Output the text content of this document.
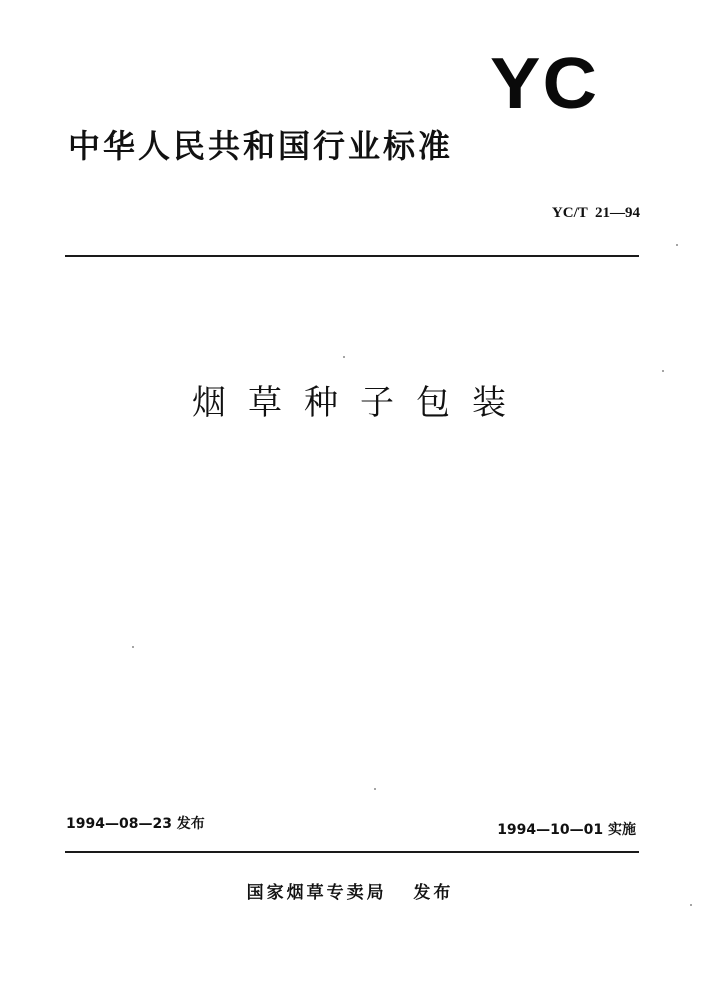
YC
中华人民共和国行业标准
YC/T  21—94
烟草种子包装
1994—08—23 发布	1994—10—01 实施
国家烟草专卖局   发布
